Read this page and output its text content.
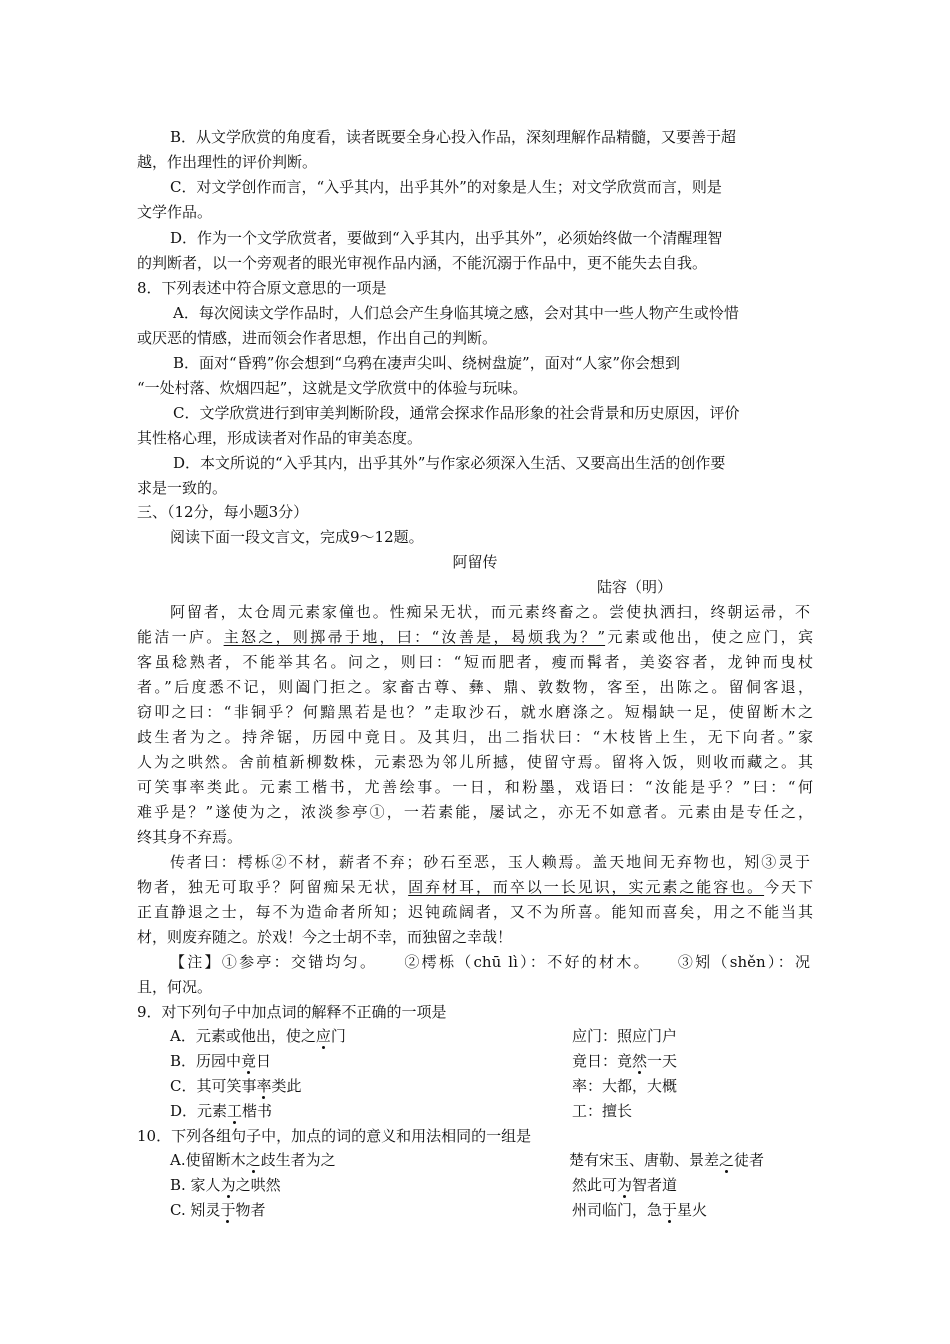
B．从文学欣赏的角度看，读者既要全身心投入作品，深刻理解作品精髓，又要善于超
越，作出理性的评价判断。
C．对文学创作而言，“入乎其内，出乎其外”的对象是人生；对文学欣赏而言，则是
文学作品。
D．作为一个文学欣赏者，要做到“入乎其内，出乎其外”，必须始终做一个清醒理智
的判断者，以一个旁观者的眼光审视作品内涵，不能沉溺于作品中，更不能失去自我。
8．下列表述中符合原文意思的一项是
A．每次阅读文学作品时，人们总会产生身临其境之感，会对其中一些人物产生或怜惜
或厌恶的情感，进而领会作者思想，作出自己的判断。
B．面对“昏鸦”你会想到“乌鸦在凄声尖叫、绕树盘旋”，面对“人家”你会想到
“一处村落、炊烟四起”，这就是文学欣赏中的体验与玩味。
C．文学欣赏进行到审美判断阶段，通常会探求作品形象的社会背景和历史原因，评价
其性格心理，形成读者对作品的审美态度。
D．本文所说的“入乎其内，出乎其外”与作家必须深入生活、又要高出生活的创作要
求是一致的。
三、（12分，每小题3分）
阅读下面一段文言文，完成9～12题。
阿留传
陆容（明）
阿留者，太仓周元素家僮也。性痴呆无状，而元素终畜之。尝使执洒扫，终朝运帚，不
能洁一庐。主怒之，则掷帚于地，曰：“汝善是，曷烦我为？”元素或他出，使之应门，宾
客虽稔熟者，不能举其名。问之，则曰：“短而肥者，瘦而髯者，美姿容者，龙钟而曳杖
者。”后度悉不记，则阖门拒之。家畜古尊、彝、鼎、敦数物，客至，出陈之。留侗客退，
窃叩之曰：“非铜乎？何黯黑若是也？”走取沙石，就水磨涤之。短榻缺一足，使留断木之
歧生者为之。持斧锯，历园中竟日。及其归，出二指状曰：“木枝皆上生，无下向者。”家
人为之哄然。舍前植新柳数株，元素恐为邻儿所撼，使留守焉。留将入饭，则收而藏之。其
可笑事率类此。元素工楷书，尤善绘事。一日，和粉墨，戏语曰：“汝能是乎？”曰：“何
难乎是？”遂使为之，浓淡参亭①，一若素能，屡试之，亦无不如意者。元素由是专任之，
终其身不弃焉。
传者曰：樗栎②不材，薪者不弃；砂石至恶，玉人赖焉。盖天地间无弃物也，矧③灵于
物者，独无可取乎？阿留痴呆无状，固弃材耳，而卒以一长见识，实元素之能容也。今天下
正直静退之士，每不为造命者所知；迟钝疏阔者，又不为所喜。能知而喜矣，用之不能当其
材，则废弃随之。於戏！今之士胡不幸，而独留之幸哉！
【注】①参亭：交错均匀。　　②樗栎（chū lì）：不好的材木。　　③矧（shěn）：况
且，何况。
9．对下列句子中加点词的解释不正确的一项是
A．元素或他出，使之应门	应门：照应门户
B．历园中竟日	竟日：竟然一天
C．其可笑事率类此	率：大都，大概
D．元素工楷书	工：擅长
10．下列各组句子中，加点的词的意义和用法相同的一组是
A.使留断木之歧生者为之	楚有宋玉、唐勒、景差之徒者
B. 家人为之哄然	然此可为智者道
C. 矧灵于物者	州司临门，急于星火
